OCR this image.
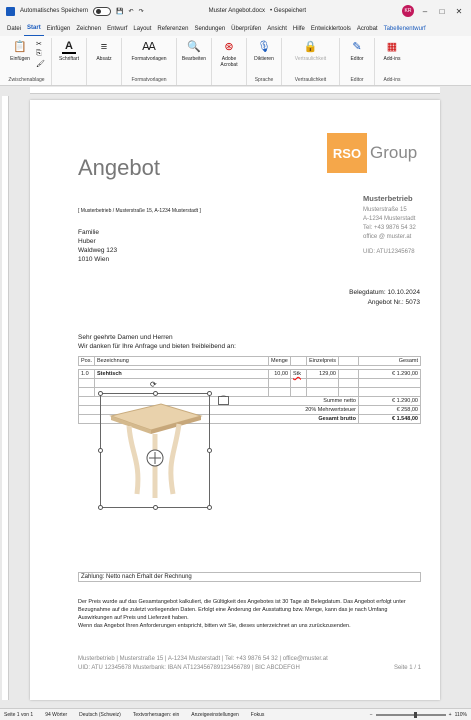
Automatisches Speichern	💾 ↶ ↷	Muster Angebot.docx • Gespeichert	KR	–	□	✕
Datei	Start	Einfügen	Zeichnen	Entwurf	Layout	Referenzen	Sendungen	Überprüfen	Ansicht	Hilfe	Entwicklertools	Acrobat	Tabellenentwurf
📋
Einfügen
✂
⎘
🖌
Zwischenablage
A
Schriftart
≡
Absatz
Ꜳ
Formatvorlagen
Formatvorlagen
🔍
Bearbeiten
⊛
Adobe Acrobat
🎙
Diktieren
Sprache
🔒
Vertraulichkeit
Vertraulichkeit
✎
Editor
Editor
▦
Add-ins
Add-ins
Angebot
RSO Group
[ Musterbetrieb / Musterstraße 15, A-1234 Musterstadt ]
Familie
Huber
Waldweg 123
1010 Wien
Musterbetrieb
Musterstraße 15
A-1234 Musterstadt
Tel: +43 9876 54 32
office @ muster.at
UID: ATU12345678
Belegdatum: 10.10.2024
Angebot Nr.: 5073
Sehr geehrte Damen und Herren
Wir danken für Ihre Anfrage und bieten freibleibend an:
Pos.	Bezeichnung	Menge		Einzelpreis		Gesamt

1.0	Stehtisch	10,00	Stk	129,00		€ 1.290,00

Summe netto						€ 1.290,00
20% Mehrwertsteuer						€ 258,00
Gesamt brutto						€ 1.548,00
⟳
⌒
Zahlung: Netto nach Erhalt der Rechnung
Der Preis wurde auf das Gesamtangebot kalkuliert, die Gültigkeit des Angebotes ist 30 Tage ab Belegdatum. Das Angebot erfolgt unter Bezugnahme auf die zuletzt vorliegenden Daten. Erfolgt eine Änderung der Ausstattung bzw. Menge, kann das je nach Umfang Auswirkungen auf Preis und Lieferzeit haben.
Wenn das Angebot Ihren Anforderungen entspricht, bitten wir Sie, dieses unterzeichnet an uns zurückzusenden.
Musterbetrieb | Musterstraße 15 | A-1234 Musterstadt | Tel: +43 9876 54 32 | office@muster.at
UID: ATU 12345678 Musterbank: IBAN AT123456789123456789 | BIC ABCDEFGH	Seite 1 / 1
Seite 1 von 1 94 Wörter Deutsch (Schweiz) Textvorhersagen: ein Anzeigeeinstellungen Fokus	−	+ 110%
